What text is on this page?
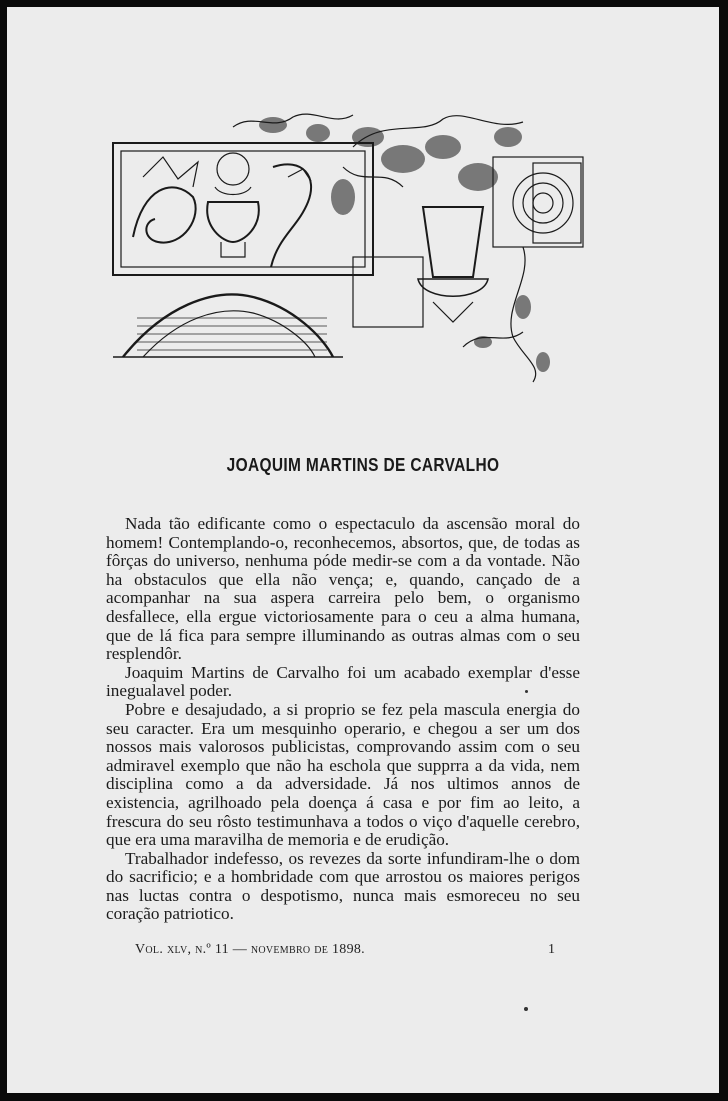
JOAQUIM MARTINS DE CARVALHO

Nada tão edificante como o espectaculo da ascensão moral do homem! Contemplando-o, reconhecemos, absortos, que, de todas as fôrças do universo, nenhuma póde medir-se com a da vontade. Não ha obstaculos que ella não vença; e, quando, cançado de a acompanhar na sua aspera carreira pelo bem, o organismo desfallece, ella ergue victoriosamente para o ceu a alma humana, que de lá fica para sempre illuminando as outras almas com o seu resplendôr.

Joaquim Martins de Carvalho foi um acabado exemplar d'esse inegualavel poder.

Pobre e desajudado, a si proprio se fez pela mascula energia do seu caracter. Era um mesquinho operario, e chegou a ser um dos nossos mais valorosos publicistas, comprovando assim com o seu admiravel exemplo que não ha eschola que supprra a da vida, nem disciplina como a da adversidade. Já nos ultimos annos de existencia, agrilhoado pela doença á casa e por fim ao leito, a frescura do seu rôsto testimunhava a todos o viço d'aquelle cerebro, que era uma maravilha de memoria e de erudição.

Trabalhador indefesso, os revezes da sorte infundiram-lhe o dom do sacrificio; e a hombridade com que arrostou os maiores perigos nas luctas contra o despotismo, nunca mais esmoreceu no seu coração patriotico.

Vol. xlv, n.º 11 — novembro de 1898.	1
